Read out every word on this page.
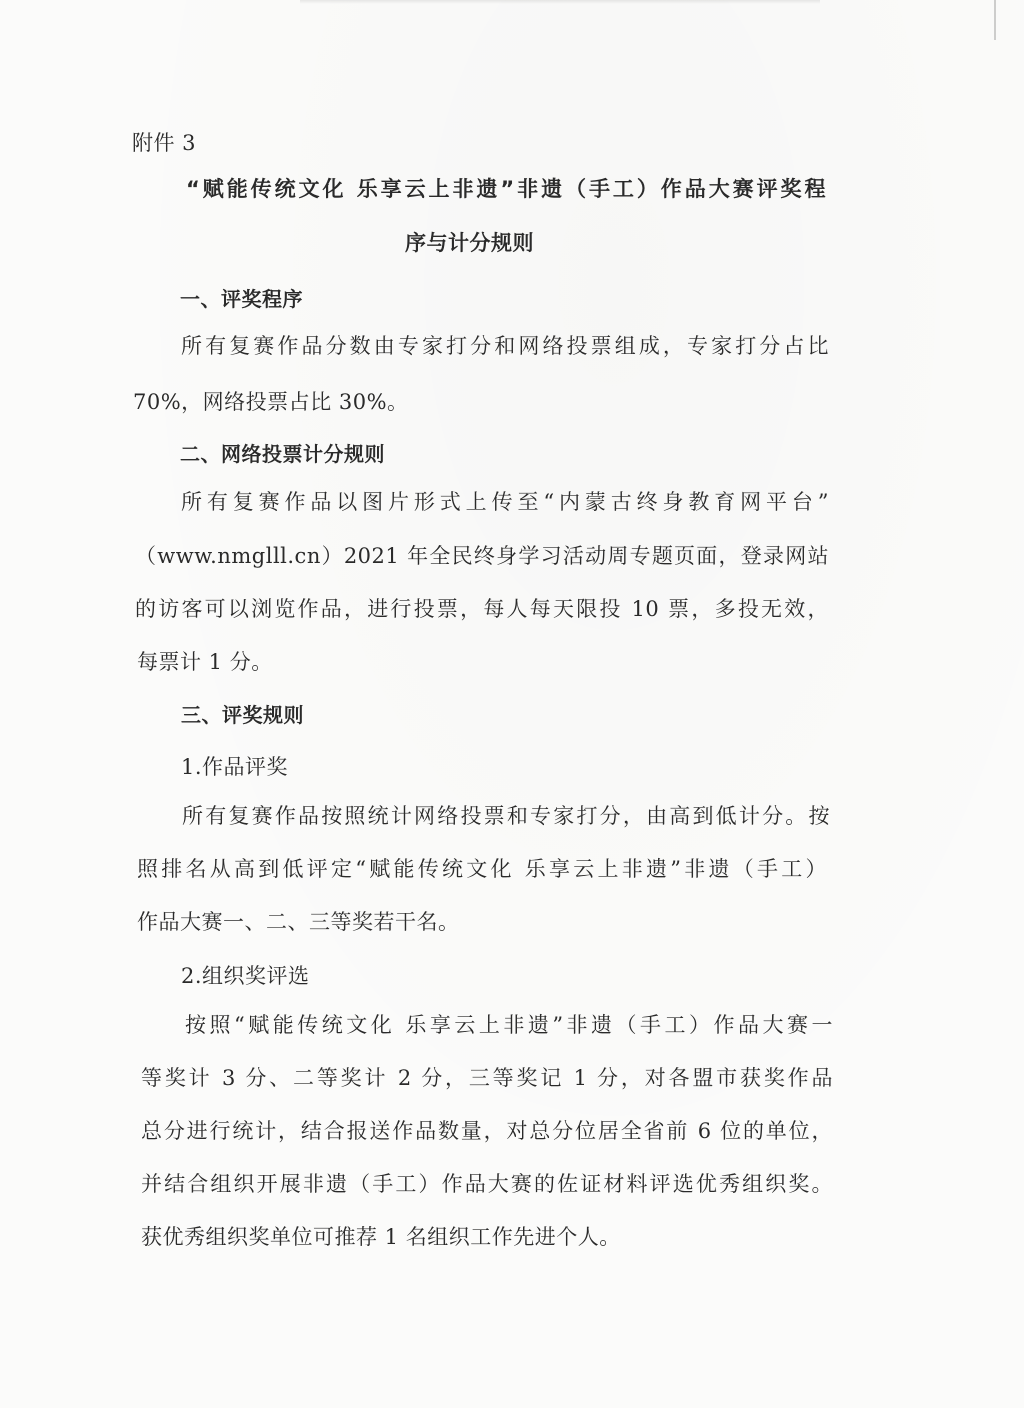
附件 3
“赋能传统文化 乐享云上非遗”非遗（手工）作品大赛评奖程
序与计分规则
一、评奖程序
所有复赛作品分数由专家打分和网络投票组成，专家打分占比
70%，网络投票占比 30%。
二、网络投票计分规则
所有复赛作品以图片形式上传至“内蒙古终身教育网平台”
（www.nmglll.cn）2021 年全民终身学习活动周专题页面，登录网站
的访客可以浏览作品，进行投票，每人每天限投 10 票，多投无效，
每票计 1 分。
三、评奖规则
1.作品评奖
所有复赛作品按照统计网络投票和专家打分，由高到低计分。按
照排名从高到低评定“赋能传统文化 乐享云上非遗”非遗（手工）
作品大赛一、二、三等奖若干名。
2.组织奖评选
按照“赋能传统文化 乐享云上非遗”非遗（手工）作品大赛一
等奖计 3 分、二等奖计 2 分，三等奖记 1 分，对各盟市获奖作品
总分进行统计，结合报送作品数量，对总分位居全省前 6 位的单位，
并结合组织开展非遗（手工）作品大赛的佐证材料评选优秀组织奖。
获优秀组织奖单位可推荐 1 名组织工作先进个人。
